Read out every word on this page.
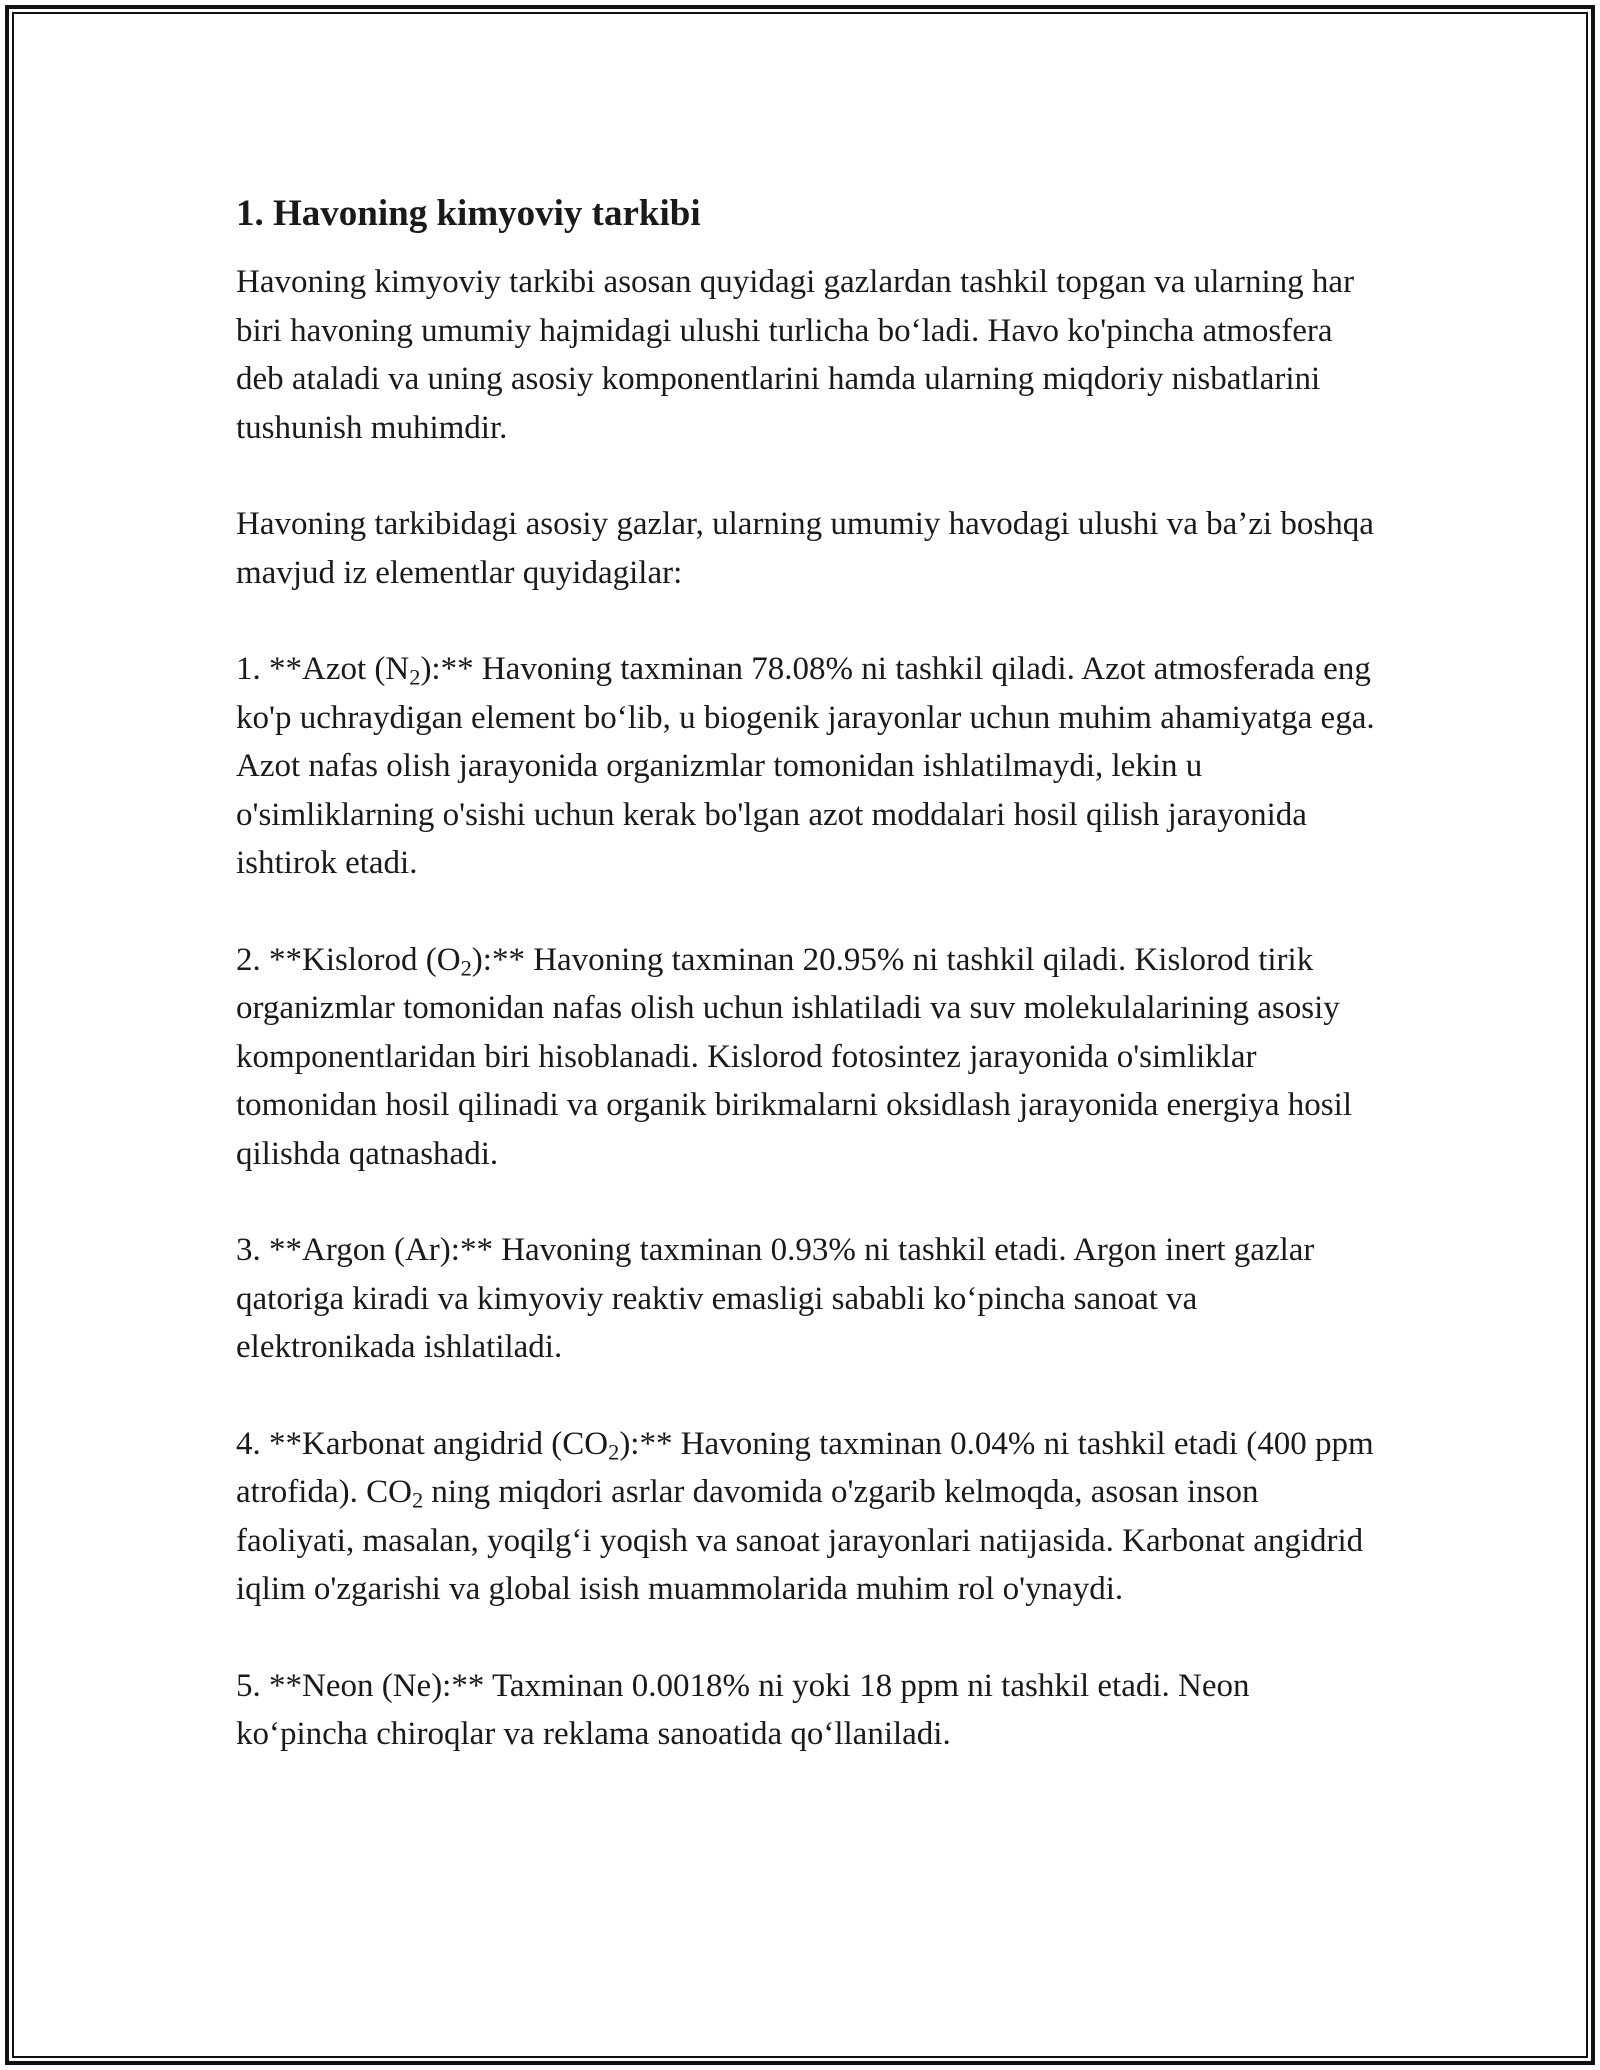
1. Havoning kimyoviy tarkibi

Havoning kimyoviy tarkibi asosan quyidagi gazlardan tashkil topgan va ularning har biri havoning umumiy hajmidagi ulushi turlicha bo‘ladi. Havo ko'pincha atmosfera deb ataladi va uning asosiy komponentlarini hamda ularning miqdoriy nisbatlarini tushunish muhimdir.

Havoning tarkibidagi asosiy gazlar, ularning umumiy havodagi ulushi va ba’zi boshqa mavjud iz elementlar quyidagilar:

1. **Azot $(N_2):**$ Havoning taxminan 78.08% ni tashkil qiladi. Azot atmosferada eng ko'p uchraydigan element bo‘lib, u biogenik jarayonlar uchun muhim ahamiyatga ega. Azot nafas olish jarayonida organizmlar tomonidan ishlatilmaydi, lekin u o'simliklarning o'sishi uchun kerak bo'lgan azot moddalari hosil qilish jarayonida ishtirok etadi.

2. **Kislorod $(O_2):**$ Havoning taxminan 20.95% ni tashkil qiladi. Kislorod tirik organizmlar tomonidan nafas olish uchun ishlatiladi va suv molekulalarining asosiy komponentlaridan biri hisoblanadi. Kislorod fotosintez jarayonida o'simliklar tomonidan hosil qilinadi va organik birikmalarni oksidlash jarayonida energiya hosil qilishda qatnashadi.

3. **Argon (Ar):** Havoning taxminan 0.93% ni tashkil etadi. Argon inert gazlar qatoriga kiradi va kimyoviy reaktiv emasligi sababli ko‘pincha sanoat va elektronikada ishlatiladi.

4. **Karbonat angidrid $(CO_2):**$ Havoning taxminan 0.04% ni tashkil etadi (400 ppm atrofida). $CO_2$ ning miqdori asrlar davomida o'zgarib kelmoqda, asosan inson faoliyati, masalan, yoqilg‘i yoqish va sanoat jarayonlari natijasida. Karbonat angidrid iqlim o'zgarishi va global isish muammolarida muhim rol o'ynaydi.

5. **Neon (Ne):** Taxminan 0.0018% ni yoki 18 ppm ni tashkil etadi. Neon ko‘pincha chiroqlar va reklama sanoatida qo‘llaniladi.
